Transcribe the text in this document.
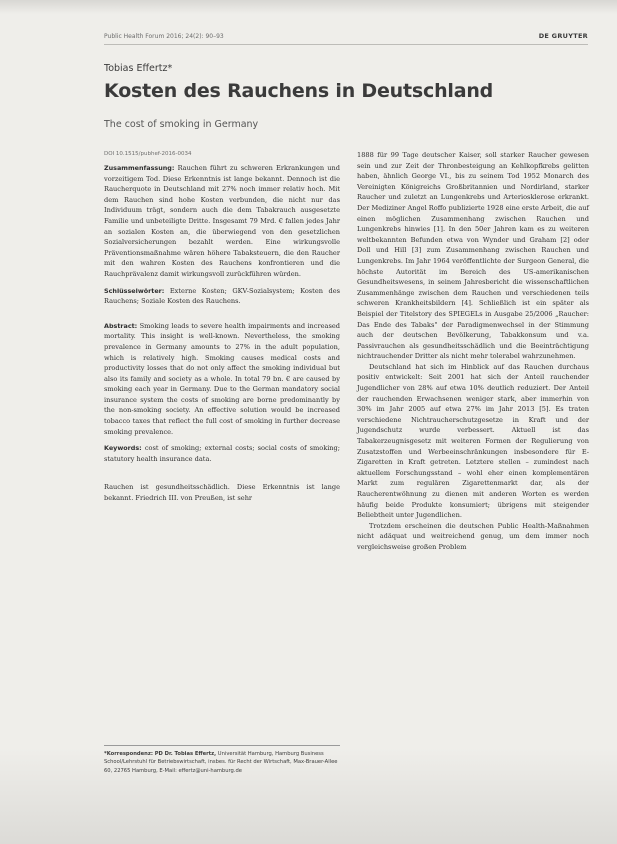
Public Health Forum 2016; 24(2): 90–93	DE GRUYTER
Tobias Effertz*
Kosten des Rauchens in Deutschland
The cost of smoking in Germany
DOI 10.1515/pubhef-2016-0034

Zusammenfassung: Rauchen führt zu schweren Erkrankungen und vorzeitigem Tod. Diese Erkenntnis ist lange bekannt. Dennoch ist die Raucherquote in Deutschland mit 27% noch immer relativ hoch. Mit dem Rauchen sind hohe Kosten verbunden, die nicht nur das Individuum trägt, sondern auch die dem Tabakrauch ausgesetzte Familie und unbeteiligte Dritte. Insgesamt 79 Mrd. € fallen jedes Jahr an sozialen Kosten an, die überwiegend von den gesetzlichen Sozialversicherungen bezahlt werden. Eine wirkungsvolle Präventionsmaßnahme wären höhere Tabaksteuern, die den Raucher mit den wahren Kosten des Rauchens konfrontieren und die Rauchprävalenz damit wirkungsvoll zurückführen würden.

Schlüsselwörter: Externe Kosten; GKV-Sozialsystem; Kosten des Rauchens; Soziale Kosten des Rauchens.

Abstract: Smoking leads to severe health impairments and increased mortality. This insight is well-known. Nevertheless, the smoking prevalence in Germany amounts to 27% in the adult population, which is relatively high. Smoking causes medical costs and productivity losses that do not only affect the smoking individual but also its family and society as a whole. In total 79 bn. € are caused by smoking each year in Germany. Due to the German mandatory social insurance system the costs of smoking are borne predominantly by the non-smoking society. An effective solution would be increased tobacco taxes that reflect the full cost of smoking in further decrease smoking prevalence.

Keywords: cost of smoking; external costs; social costs of smoking; statutory health insurance data.

Rauchen ist gesundheitsschädlich. Diese Erkenntnis ist lange bekannt. Friedrich III. von Preußen, ist sehr

*Korrespondenz: PD Dr. Tobias Effertz, Universität Hamburg, Hamburg Business School/Lehrstuhl für Betriebswirtschaft, insbes. für Recht der Wirtschaft, Max-Brauer-Allee 60, 22765 Hamburg, E-Mail: effertz@uni-hamburg.de

1888 für 99 Tage deutscher Kaiser, soll starker Raucher gewesen sein und zur Zeit der Thronbesteigung an Kehlkopfkrebs gelitten haben, ähnlich George VI., bis zu seinem Tod 1952 Monarch des Vereinigten Königreichs Großbritannien und Nordirland, starker Raucher und zuletzt an Lungenkrebs und Arteriosklerose erkrankt. Der Mediziner Angel Roffo publizierte 1928 eine erste Arbeit, die auf einen möglichen Zusammenhang zwischen Rauchen und Lungenkrebs hinwies [1]. In den 50er Jahren kam es zu weiteren weltbekannten Befunden etwa von Wynder und Graham [2] oder Doll und Hill [3] zum Zusammenhang zwischen Rauchen und Lungenkrebs. Im Jahr 1964 veröffentlichte der Surgeon General, die höchste Autorität im Bereich des US-amerikanischen Gesundheitswesens, in seinem Jahresbericht die wissenschaftlichen Zusammenhänge zwischen dem Rauchen und verschiedenen teils schweren Krankheitsbildern [4]. Schließlich ist ein später als Beispiel der Titelstory des SPIEGELs in Ausgabe 25/2006 „Raucher: Das Ende des Tabaks" der Paradigmenwechsel in der Stimmung auch der deutschen Bevölkerung, Tabakkonsum und v.a. Passivrauchen als gesundheitsschädlich und die Beeinträchtigung nichtrauchender Dritter als nicht mehr tolerabel wahrzunehmen.

Deutschland hat sich im Hinblick auf das Rauchen durchaus positiv entwickelt: Seit 2001 hat sich der Anteil rauchender Jugendlicher von 28% auf etwa 10% deutlich reduziert. Der Anteil der rauchenden Erwachsenen weniger stark, aber immerhin von 30% im Jahr 2005 auf etwa 27% im Jahr 2013 [5]. Es traten verschiedene Nichtraucherschutzgesetze in Kraft und der Jugendschutz wurde verbessert. Aktuell ist das Tabakerzeugnisgesetz mit weiteren Formen der Regulierung von Zusatzstoffen und Werbeeinschränkungen insbesondere für E-Zigaretten in Kraft getreten. Letztere stellen – zumindest nach aktuellem Forschungsstand – wohl eher einen komplementären Markt zum regulären Zigarettenmarkt dar, als der Raucherentwöhnung zu dienen mit anderen Worten es werden häufig beide Produkte konsumiert; übrigens mit steigender Beliebtheit unter Jugendlichen.

Trotzdem erscheinen die deutschen Public Health-Maßnahmen nicht adäquat und weitreichend genug, um dem immer noch vergleichsweise großen Problem
